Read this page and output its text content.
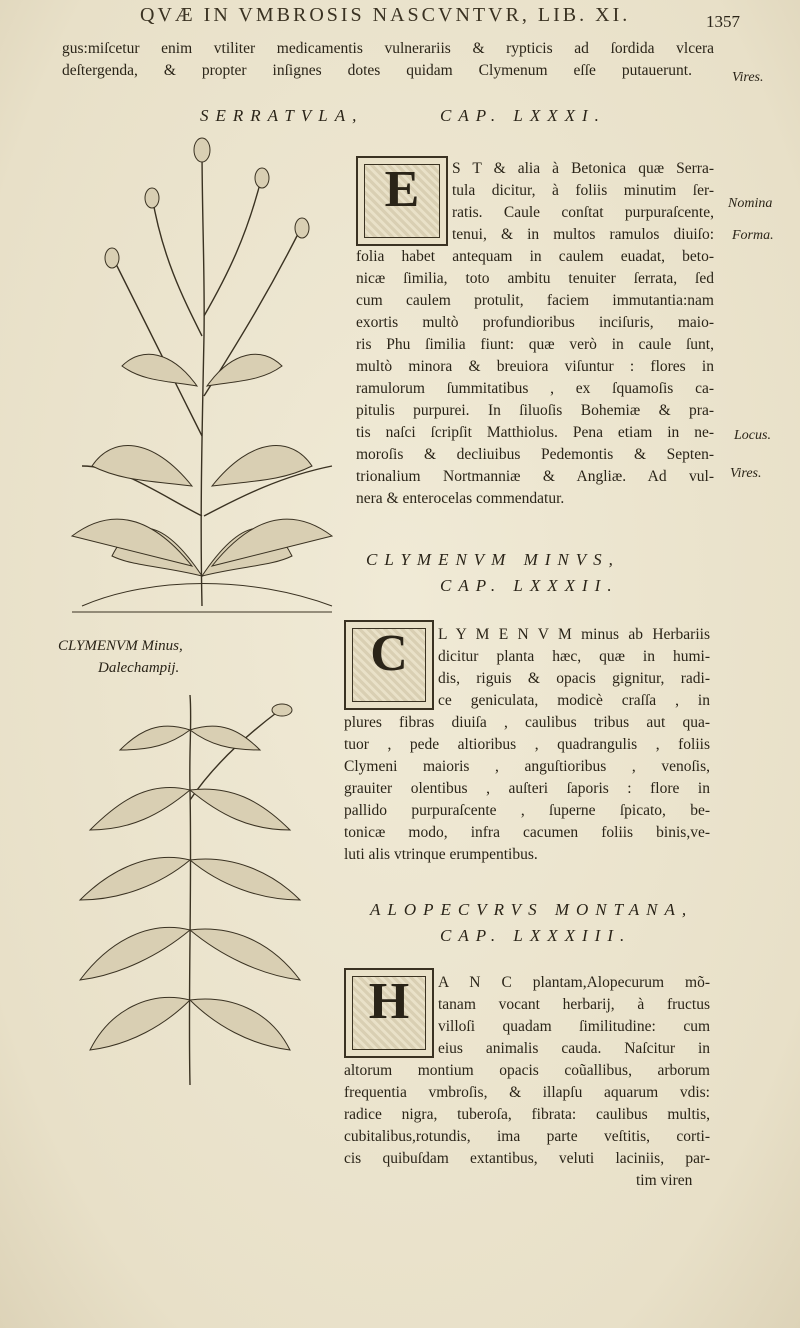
QVÆ IN VMBROSIS NASCVNTVR, LIB. XI.	1357
gus:miſcetur enim vtiliter medicamentis vulnerariis & rypticis ad ſordida vlcera
deſtergenda, & propter inſignes dotes quidam Clymenum eſſe putauerunt.	Vires.
SERRATVLA,	CAP. LXXXI.
E	S T & alia à Betonica quæ Serra-
tula dicitur, à foliis minutim ſer-
ratis. Caule conſtat purpuraſcente,
tenui, & in multos ramulos diuiſo:
folia habet antequam in caulem euadat, beto-
nicæ ſimilia, toto ambitu tenuiter ſerrata, ſed
cum caulem protulit, faciem immutantia:nam
exortis multò profundioribus inciſuris, maio-
ris Phu ſimilia fiunt: quæ verò in caule ſunt,
multò minora & breuiora viſuntur : flores in
ramulorum ſummitatibus , ex ſquamoſis ca-
pitulis purpurei. In ſiluoſis Bohemiæ & pra-
tis naſci ſcripſit Matthiolus. Pena etiam in ne-
moroſis & decliuibus Pedemontis & Septen-
trionalium Nortmanniæ & Angliæ. Ad vul-
nera & enterocelas commendatur.
Nomina
Forma.
Locus.
Vires.
CLYMENVM MINVS,
CAP. LXXXII.
CLYMENVM Minus,
Dalechampij.	C	L Y M E N V M minus ab Herbariis
dicitur planta hæc, quæ in humi-
dis, riguis & opacis gignitur, radi-
ce geniculata, modicè craſſa , in
plures fibras diuiſa , caulibus tribus aut qua-
tuor , pede altioribus , quadrangulis , foliis
Clymeni maioris , anguſtioribus , venoſis,
grauiter olentibus , auſteri ſaporis : flore in
pallido purpuraſcente , ſuperne ſpicato, be-
tonicæ modo, infra cacumen foliis binis,ve-
luti alis vtrinque erumpentibus.
ALOPECVRVS MONTANA,
CAP. LXXXIII.
H	A N C plantam,Alopecurum mõ-
tanam vocant herbarij, à fructus
villoſi quadam ſimilitudine: cum
eius animalis cauda. Naſcitur in
altorum montium opacis coũallibus, arborum
frequentia vmbroſis, & illapſu aquarum vdis:
radice nigra, tuberoſa, fibrata: caulibus multis,
cubitalibus,rotundis, ima parte veſtitis, corti-
cis quibuſdam extantibus, veluti laciniis, par-
tim viren
